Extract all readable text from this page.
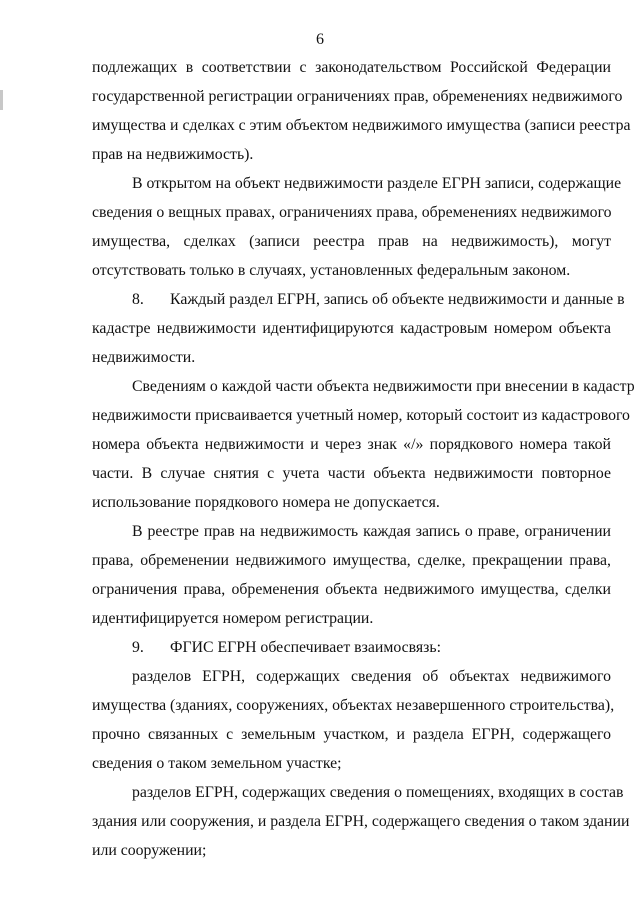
6
подлежащих в соответствии с законодательством Российской Федерации
государственной регистрации ограничениях прав, обременениях недвижимого
имущества и сделках с этим объектом недвижимого имущества (записи реестра
прав на недвижимость).
В открытом на объект недвижимости разделе ЕГРН записи, содержащие
сведения о вещных правах, ограничениях права, обременениях недвижимого
имущества, сделках (записи реестра прав на недвижимость), могут
отсутствовать только в случаях, установленных федеральным законом.
8. Каждый раздел ЕГРН, запись об объекте недвижимости и данные в
кадастре недвижимости идентифицируются кадастровым номером объекта
недвижимости.
Сведениям о каждой части объекта недвижимости при внесении в кадастр
недвижимости присваивается учетный номер, который состоит из кадастрового
номера объекта недвижимости и через знак «/» порядкового номера такой
части. В случае снятия с учета части объекта недвижимости повторное
использование порядкового номера не допускается.
В реестре прав на недвижимость каждая запись о праве, ограничении
права, обременении недвижимого имущества, сделке, прекращении права,
ограничения права, обременения объекта недвижимого имущества, сделки
идентифицируется номером регистрации.
9. ФГИС ЕГРН обеспечивает взаимосвязь:
разделов ЕГРН, содержащих сведения об объектах недвижимого
имущества (зданиях, сооружениях, объектах незавершенного строительства),
прочно связанных с земельным участком, и раздела ЕГРН, содержащего
сведения о таком земельном участке;
разделов ЕГРН, содержащих сведения о помещениях, входящих в состав
здания или сооружения, и раздела ЕГРН, содержащего сведения о таком здании
или сооружении;
